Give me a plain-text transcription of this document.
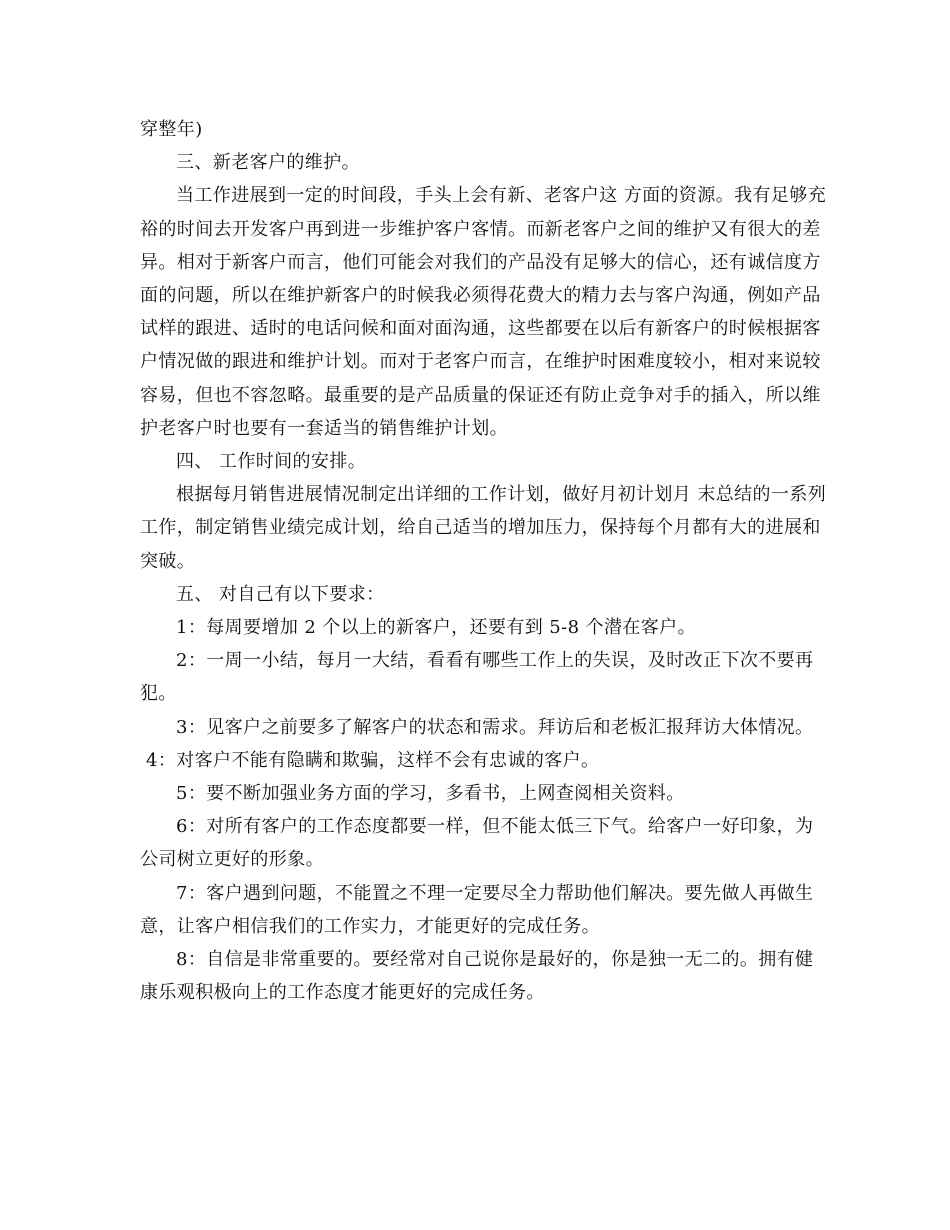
穿整年)

三、新老客户的维护。

当工作进展到一定的时间段，手头上会有新、老客户这 方面的资源。我有足够充裕的时间去开发客户再到进一步维护客户客情。而新老客户之间的维护又有很大的差异。相对于新客户而言，他们可能会对我们的产品没有足够大的信心，还有诚信度方面的问题，所以在维护新客户的时候我必须得花费大的精力去与客户沟通，例如产品试样的跟进、适时的电话问候和面对面沟通，这些都要在以后有新客户的时候根据客户情况做的跟进和维护计划。而对于老客户而言，在维护时困难度较小，相对来说较容易，但也不容忽略。最重要的是产品质量的保证还有防止竞争对手的插入，所以维护老客户时也要有一套适当的销售维护计划。

四、 工作时间的安排。

根据每月销售进展情况制定出详细的工作计划，做好月初计划月 末总结的一系列工作，制定销售业绩完成计划，给自己适当的增加压力，保持每个月都有大的进展和突破。

五、 对自己有以下要求：

1：每周要增加 2 个以上的新客户，还要有到 5-8 个潜在客户。

2：一周一小结，每月一大结，看看有哪些工作上的失误，及时改正下次不要再犯。

3：见客户之前要多了解客户的状态和需求。拜访后和老板汇报拜访大体情况。

4：对客户不能有隐瞒和欺骗，这样不会有忠诚的客户。

5：要不断加强业务方面的学习，多看书，上网查阅相关资料。

6：对所有客户的工作态度都要一样，但不能太低三下气。给客户一好印象，为公司树立更好的形象。

7：客户遇到问题，不能置之不理一定要尽全力帮助他们解决。要先做人再做生意，让客户相信我们的工作实力，才能更好的完成任务。

8：自信是非常重要的。要经常对自己说你是最好的，你是独一无二的。拥有健康乐观积极向上的工作态度才能更好的完成任务。
